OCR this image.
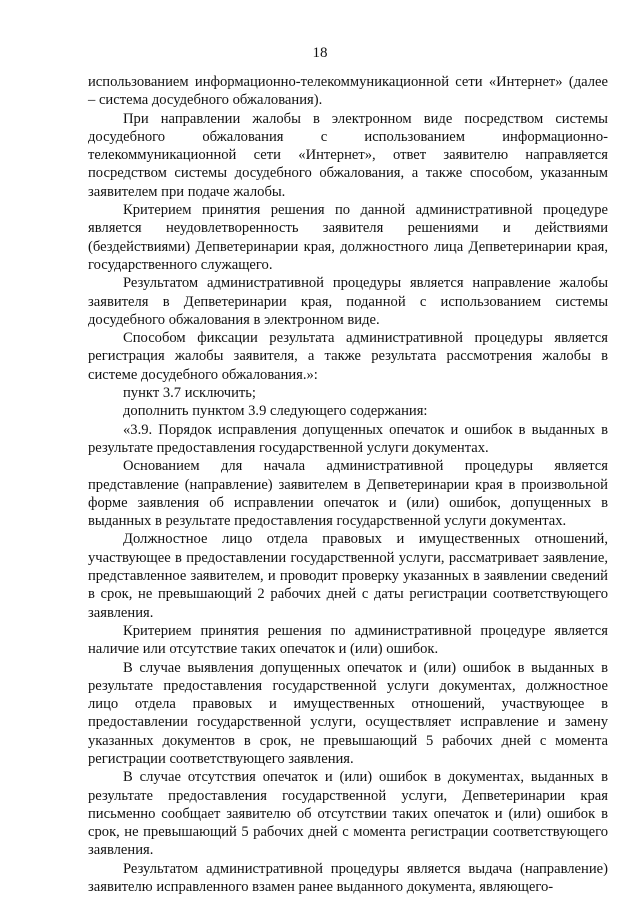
18

использованием информационно-телекоммуникационной сети «Интернет» (далее – система досудебного обжалования).

При направлении жалобы в электронном виде посредством системы досудебного обжалования с использованием информационно-телекоммуникационной сети «Интернет», ответ заявителю направляется посредством системы досудебного обжалования, а также способом, указанным заявителем при подаче жалобы.

Критерием принятия решения по данной административной процедуре является неудовлетворенность заявителя решениями и действиями (бездействиями) Депветеринарии края, должностного лица Депветеринарии края, государственного служащего.

Результатом административной процедуры является направление жалобы заявителя в Депветеринарии края, поданной с использованием системы досудебного обжалования в электронном виде.

Способом фиксации результата административной процедуры является регистрация жалобы заявителя, а также результата рассмотрения жалобы в системе досудебного обжалования.»:

пункт 3.7 исключить;

дополнить пунктом 3.9 следующего содержания:

«3.9. Порядок исправления допущенных опечаток и ошибок в выданных в результате предоставления государственной услуги документах.

Основанием для начала административной процедуры является представление (направление) заявителем в Депветеринарии края в произвольной форме заявления об исправлении опечаток и (или) ошибок, допущенных в выданных в результате предоставления государственной услуги документах.

Должностное лицо отдела правовых и имущественных отношений, участвующее в предоставлении государственной услуги, рассматривает заявление, представленное заявителем, и проводит проверку указанных в заявлении сведений в срок, не превышающий 2 рабочих дней с даты регистрации соответствующего заявления.

Критерием принятия решения по административной процедуре является наличие или отсутствие таких опечаток и (или) ошибок.

В случае выявления допущенных опечаток и (или) ошибок в выданных в результате предоставления государственной услуги документах, должностное лицо отдела правовых и имущественных отношений, участвующее в предоставлении государственной услуги, осуществляет исправление и замену указанных документов в срок, не превышающий 5 рабочих дней с момента регистрации соответствующего заявления.

В случае отсутствия опечаток и (или) ошибок в документах, выданных в результате предоставления государственной услуги, Депветеринарии края письменно сообщает заявителю об отсутствии таких опечаток и (или) ошибок в срок, не превышающий 5 рабочих дней с момента регистрации соответствующего заявления.

Результатом административной процедуры является выдача (направление) заявителю исправленного взамен ранее выданного документа, являющего-
